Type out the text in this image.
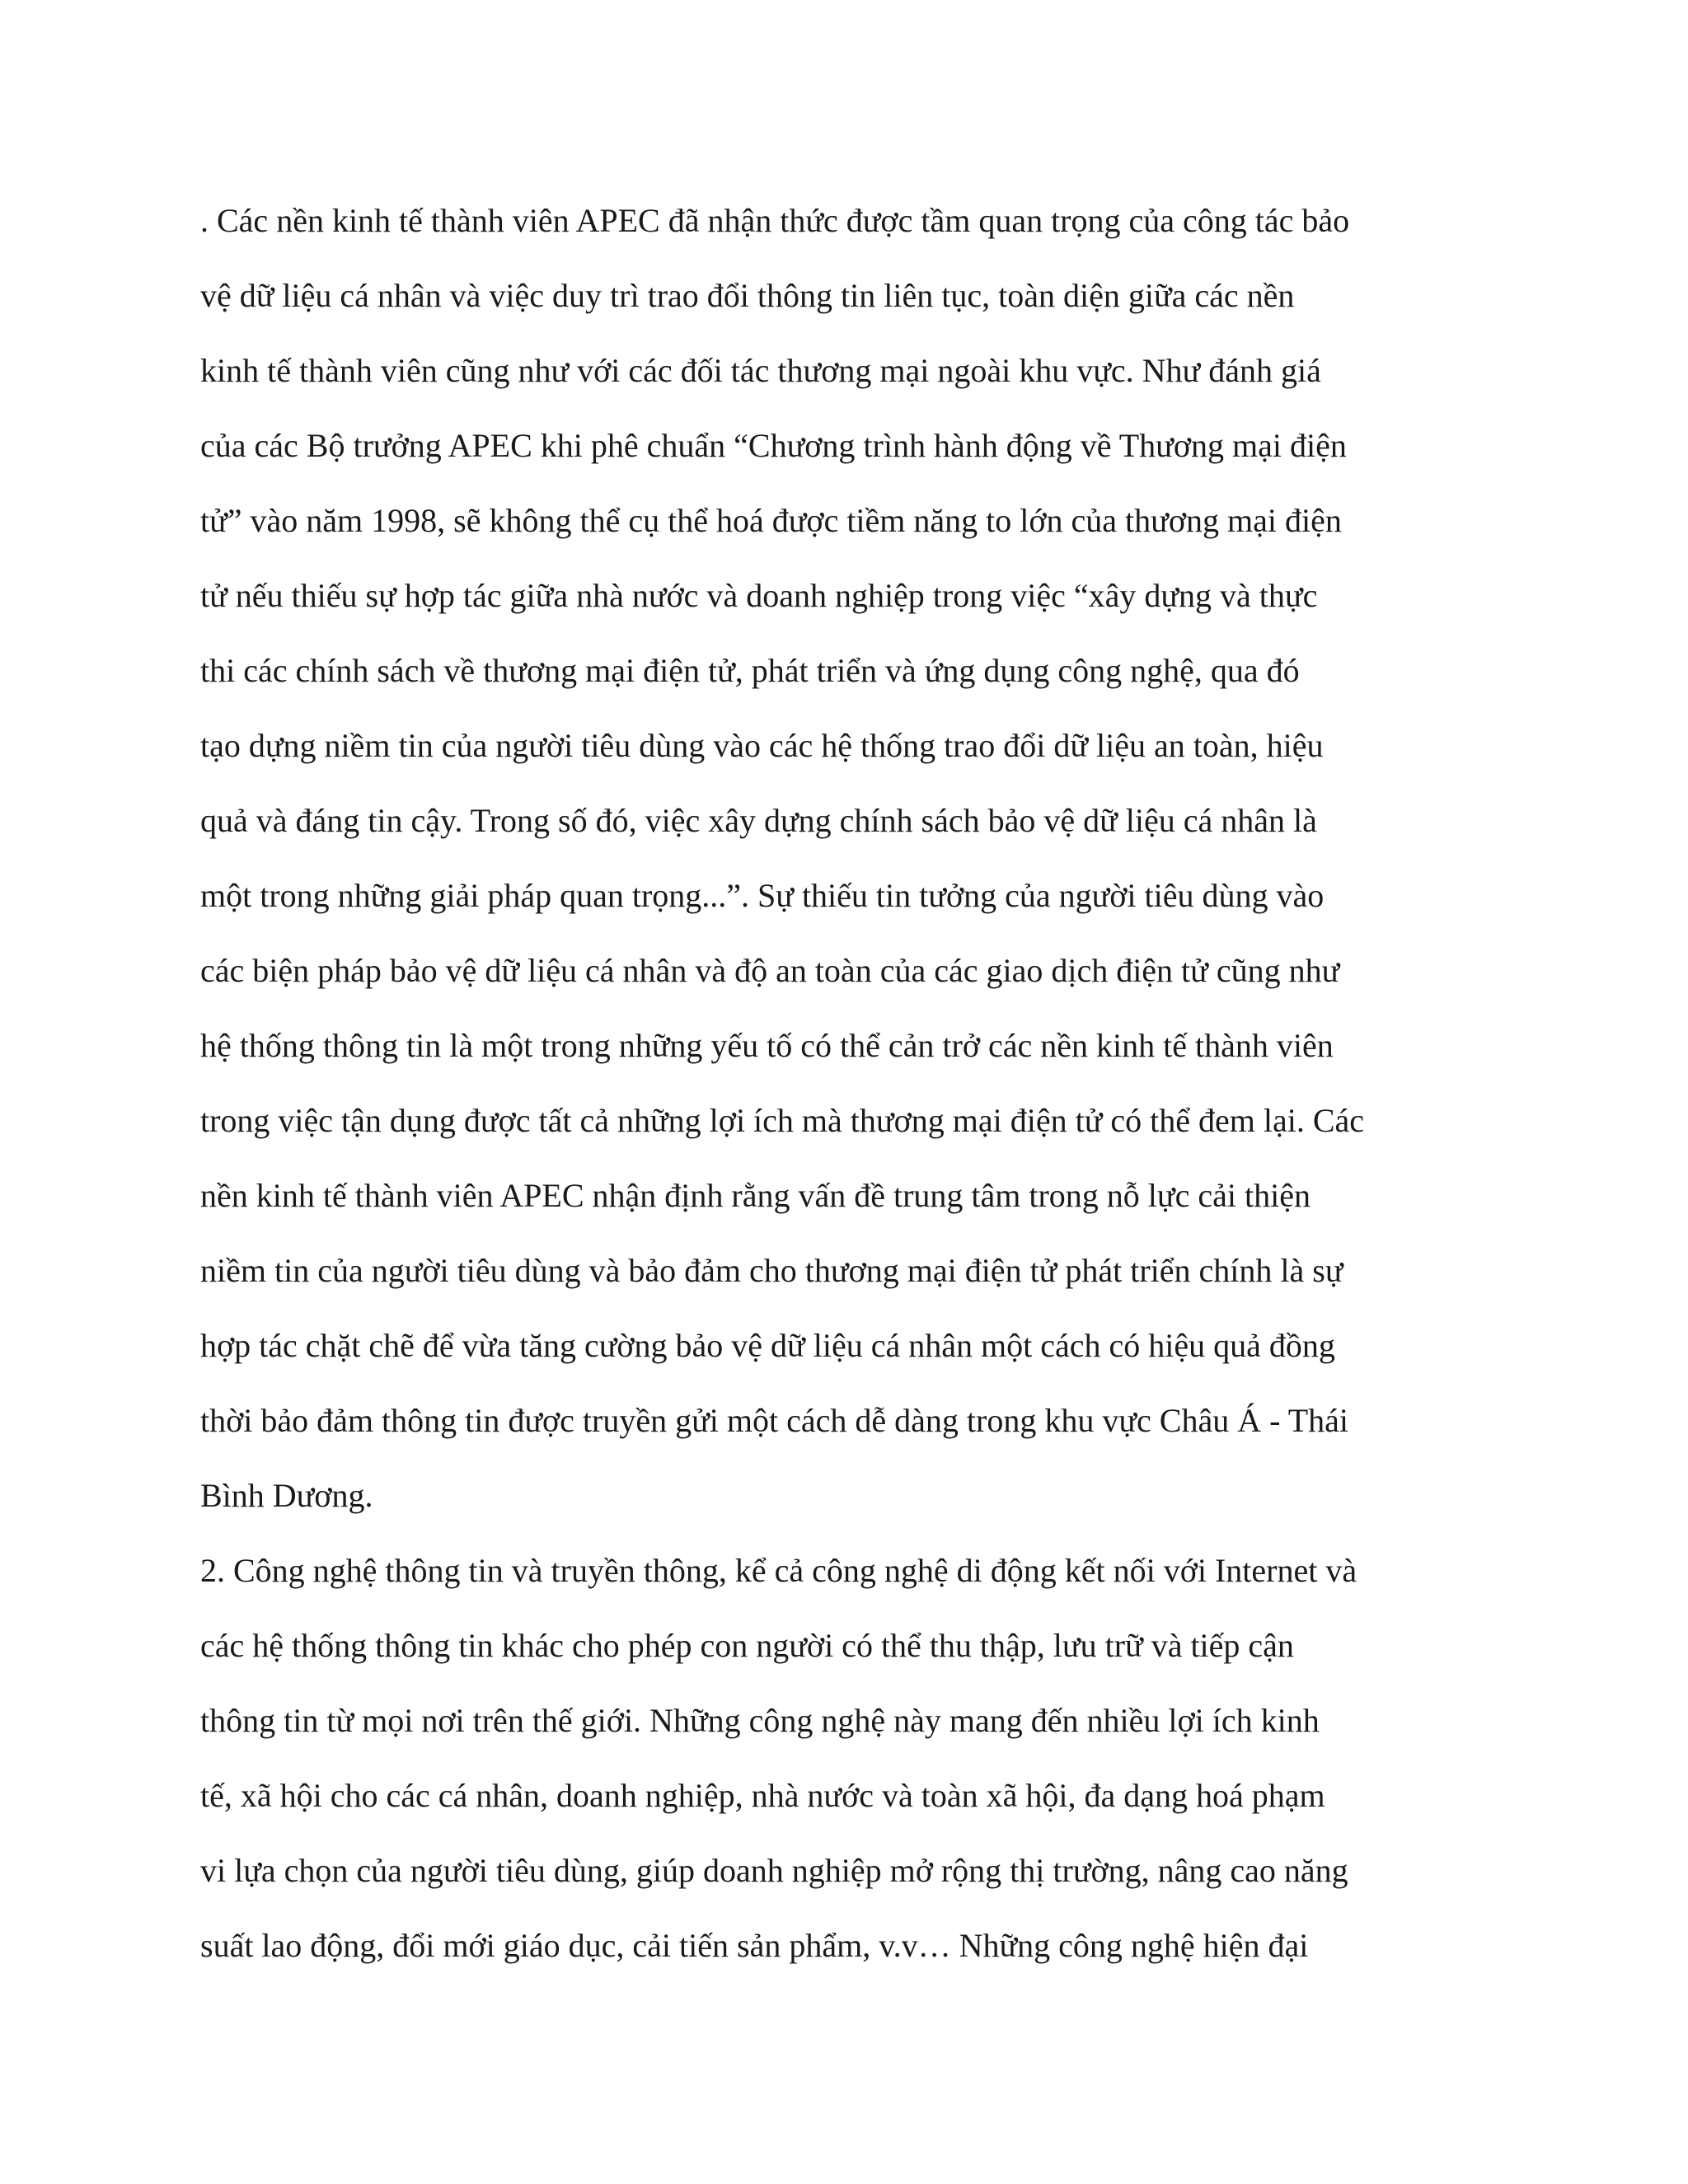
. Các nền kinh tế thành viên APEC đã nhận thức được tầm quan trọng của công tác bảo
vệ dữ liệu cá nhân và việc duy trì trao đổi thông tin liên tục, toàn diện giữa các nền
kinh tế thành viên cũng như với các đối tác thương mại ngoài khu vực. Như đánh giá
của các Bộ trưởng APEC khi phê chuẩn “Chương trình hành động về Thương mại điện
tử” vào năm 1998, sẽ không thể cụ thể hoá được tiềm năng to lớn của thương mại điện
tử nếu thiếu sự hợp tác giữa nhà nước và doanh nghiệp trong việc “xây dựng và thực
thi các chính sách về thương mại điện tử, phát triển và ứng dụng công nghệ, qua đó
tạo dựng niềm tin của người tiêu dùng vào các hệ thống trao đổi dữ liệu an toàn, hiệu
quả và đáng tin cậy. Trong số đó, việc xây dựng chính sách bảo vệ dữ liệu cá nhân là
một trong những giải pháp quan trọng...”. Sự thiếu tin tưởng của người tiêu dùng vào
các biện pháp bảo vệ dữ liệu cá nhân và độ an toàn của các giao dịch điện tử cũng như
hệ thống thông tin là một trong những yếu tố có thể cản trở các nền kinh tế thành viên
trong việc tận dụng được tất cả những lợi ích mà thương mại điện tử có thể đem lại. Các
nền kinh tế thành viên APEC nhận định rằng vấn đề trung tâm trong nỗ lực cải thiện
niềm tin của người tiêu dùng và bảo đảm cho thương mại điện tử phát triển chính là sự
hợp tác chặt chẽ để vừa tăng cường bảo vệ dữ liệu cá nhân một cách có hiệu quả đồng
thời bảo đảm thông tin được truyền gửi một cách dễ dàng trong khu vực Châu Á - Thái
Bình Dương.
2. Công nghệ thông tin và truyền thông, kể cả công nghệ di động kết nối với Internet và
các hệ thống thông tin khác cho phép con người có thể thu thập, lưu trữ và tiếp cận
thông tin từ mọi nơi trên thế giới. Những công nghệ này mang đến nhiều lợi ích kinh
tế, xã hội cho các cá nhân, doanh nghiệp, nhà nước và toàn xã hội, đa dạng hoá phạm
vi lựa chọn của người tiêu dùng, giúp doanh nghiệp mở rộng thị trường, nâng cao năng
suất lao động, đổi mới giáo dục, cải tiến sản phẩm, v.v… Những công nghệ hiện đại
